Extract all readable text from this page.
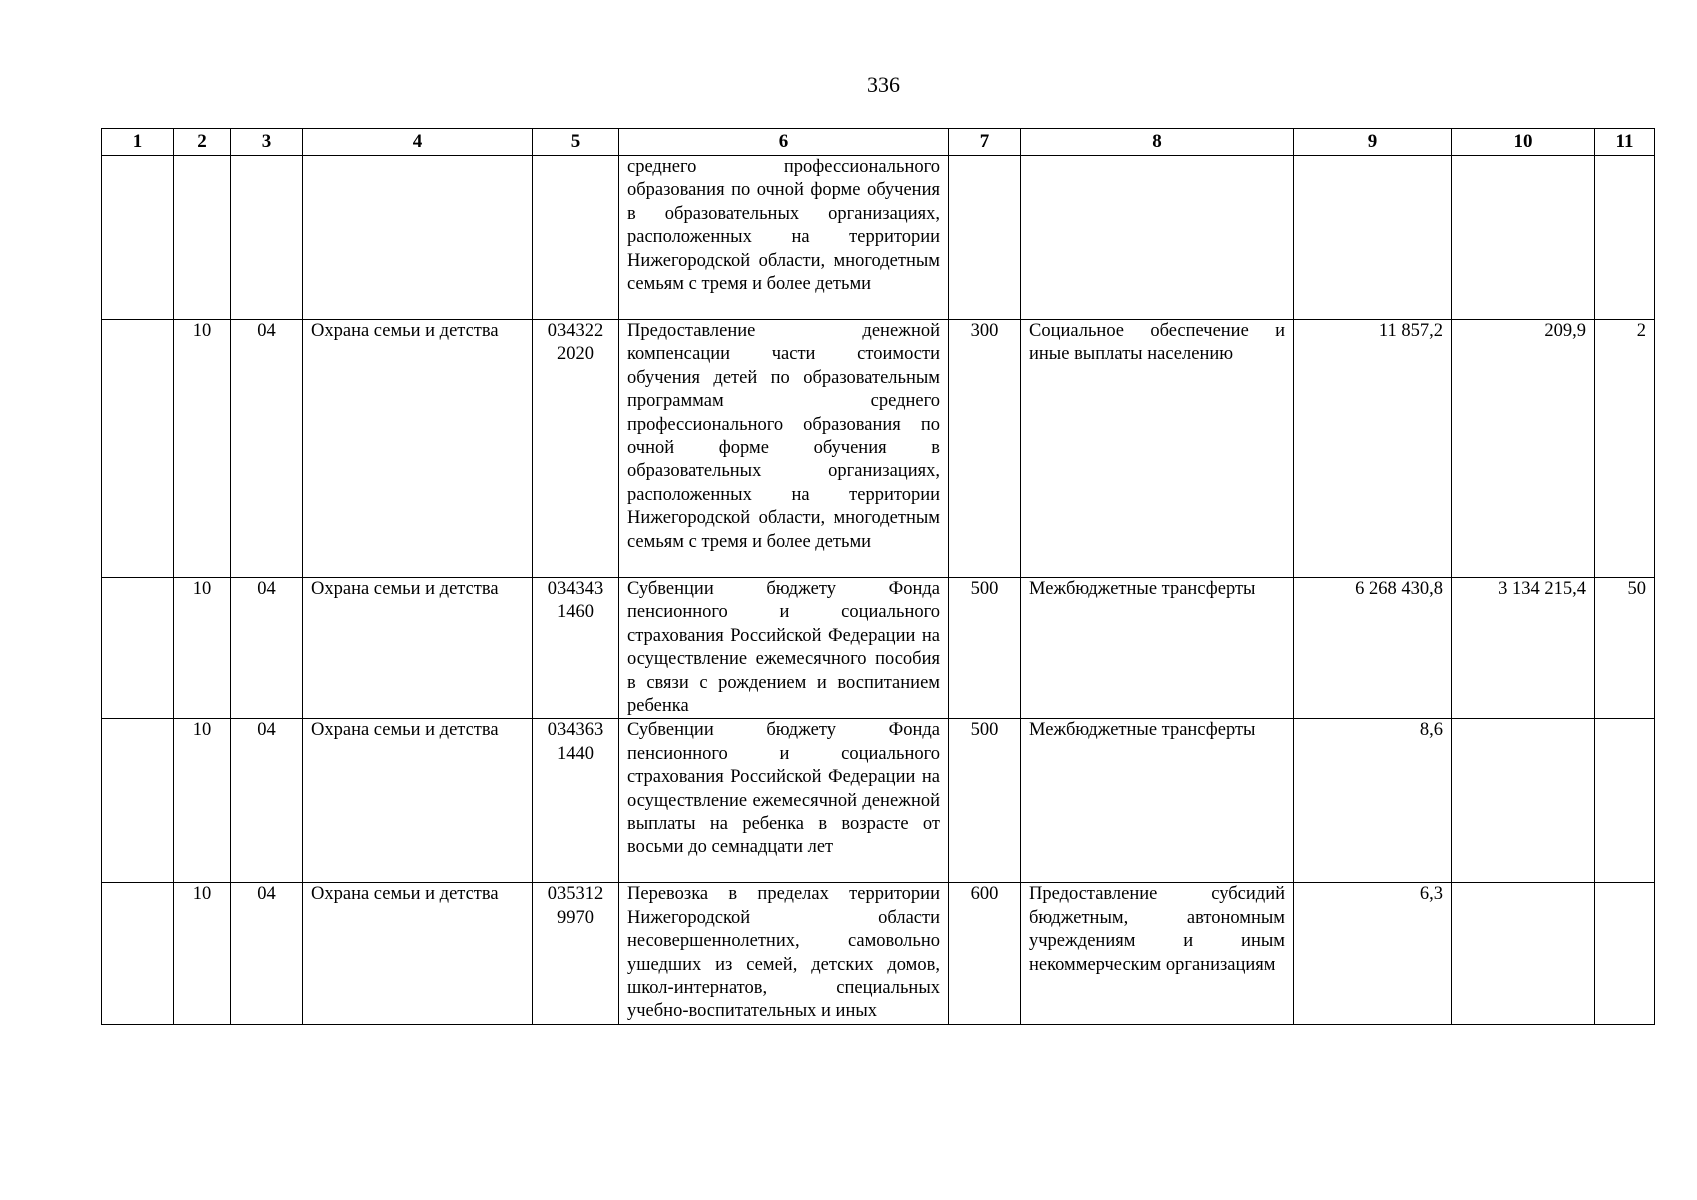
336
1	2	3	4	5	6	7	8	9	10	11
					среднего профессионального образования по очной форме обучения в образовательных организациях, расположенных на территории Нижегородской области, многодетным семьям с тремя и более детьми					
	10	04	Охрана семьи и детства	034322 2020	Предоставление денежной компенсации части стоимости обучения детей по образовательным программам среднего профессионального образования по очной форме обучения в образовательных организациях, расположенных на территории Нижегородской области, многодетным семьям с тремя и более детьми	300	Социальное обеспечение и иные выплаты населению	11 857,2	209,9	2
	10	04	Охрана семьи и детства	034343 1460	Субвенции бюджету Фонда пенсионного и социального страхования Российской Федерации на осуществление ежемесячного пособия в связи с рождением и воспитанием ребенка	500	Межбюджетные трансферты	6 268 430,8	3 134 215,4	50
	10	04	Охрана семьи и детства	034363 1440	Субвенции бюджету Фонда пенсионного и социального страхования Российской Федерации на осуществление ежемесячной денежной выплаты на ребенка в возрасте от восьми до семнадцати лет	500	Межбюджетные трансферты	8,6		
	10	04	Охрана семьи и детства	035312 9970	Перевозка в пределах территории Нижегородской области несовершеннолетних, самовольно ушедших из семей, детских домов, школ-интернатов, специальных учебно-воспитательных и иных	600	Предоставление субсидий бюджетным, автономным учреждениям и иным некоммерческим организациям	6,3		
